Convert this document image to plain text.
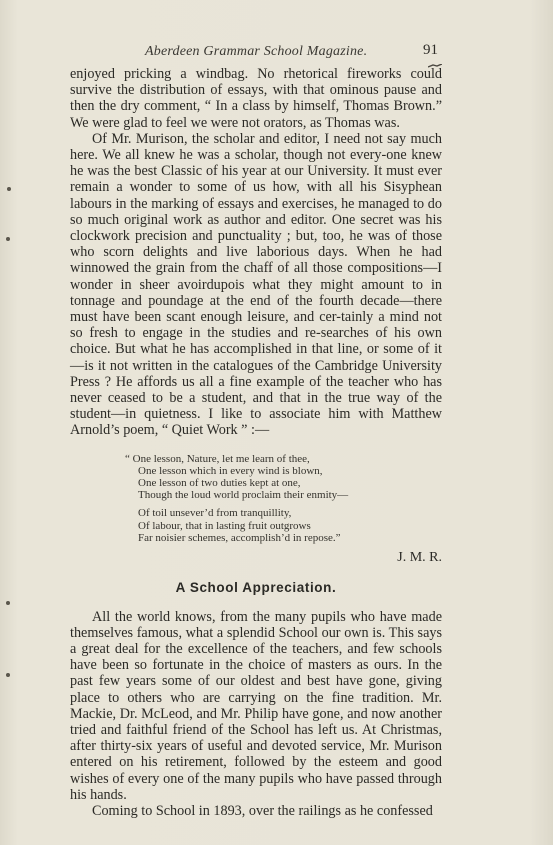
Aberdeen Grammar School Magazine.	91

enjoyed pricking a windbag. No rhetorical fireworks could survive the distribution of essays, with that ominous pause and then the dry comment, “ In a class by himself, Thomas Brown.” We were glad to feel we were not orators, as Thomas was.

Of Mr. Murison, the scholar and editor, I need not say much here. We all knew he was a scholar, though not every-one knew he was the best Classic of his year at our University. It must ever remain a wonder to some of us how, with all his Sisyphean labours in the marking of essays and exercises, he managed to do so much original work as author and editor. One secret was his clockwork precision and punctuality ; but, too, he was of those who scorn delights and live laborious days. When he had winnowed the grain from the chaff of all those compositions—I wonder in sheer avoirdupois what they might amount to in tonnage and poundage at the end of the fourth decade—there must have been scant enough leisure, and cer-tainly a mind not so fresh to engage in the studies and re-searches of his own choice. But what he has accomplished in that line, or some of it—is it not written in the catalogues of the Cambridge University Press ? He affords us all a fine example of the teacher who has never ceased to be a student, and that in the true way of the student—in quietness. I like to associate him with Matthew Arnold’s poem, “ Quiet Work ” :—

“ One lesson, Nature, let me learn of thee,
One lesson which in every wind is blown,
One lesson of two duties kept at one,
Though the loud world proclaim their enmity—
Of toil unsever’d from tranquillity,
Of labour, that in lasting fruit outgrows
Far noisier schemes, accomplish’d in repose.”
J. M. R.
A School Appreciation.

All the world knows, from the many pupils who have made themselves famous, what a splendid School our own is. This says a great deal for the excellence of the teachers, and few schools have been so fortunate in the choice of masters as ours. In the past few years some of our oldest and best have gone, giving place to others who are carrying on the fine tradition. Mr. Mackie, Dr. McLeod, and Mr. Philip have gone, and now another tried and faithful friend of the School has left us. At Christmas, after thirty-six years of useful and devoted service, Mr. Murison entered on his retirement, followed by the esteem and good wishes of every one of the many pupils who have passed through his hands.

Coming to School in 1893, over the railings as he confessed
